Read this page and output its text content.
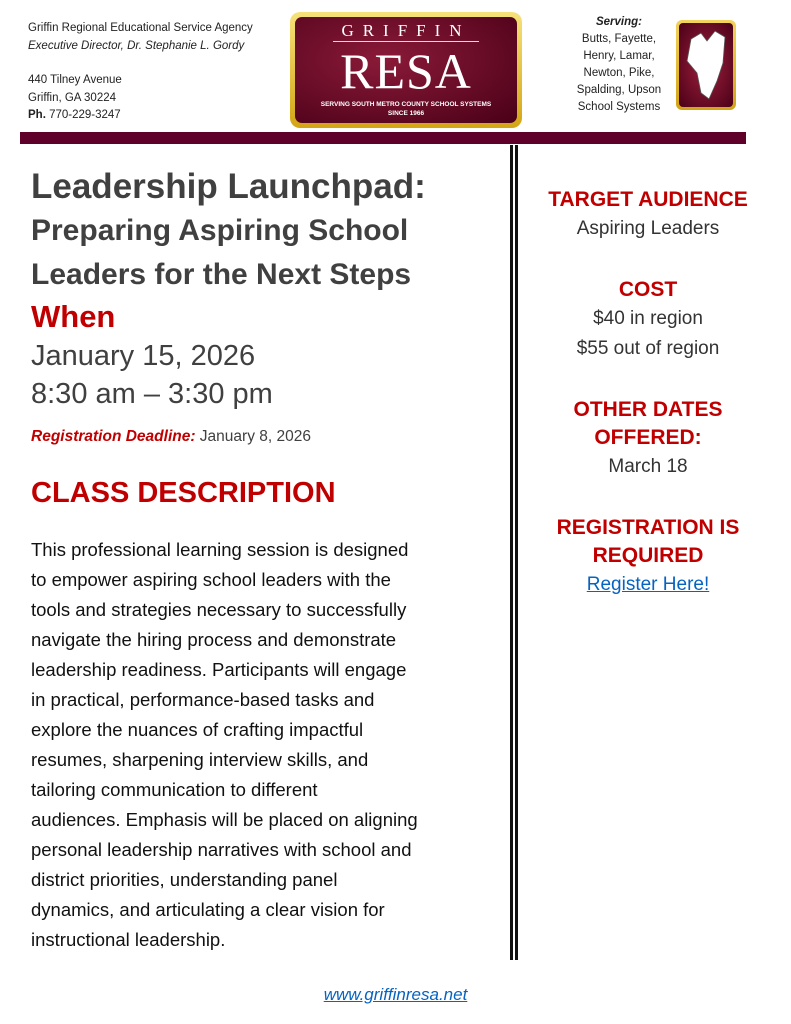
Griffin Regional Educational Service Agency
Executive Director, Dr. Stephanie L. Gordy
440 Tilney Avenue
Griffin, GA 30224
Ph. 770-229-3247
GRIFFIN
RESA
SERVING SOUTH METRO COUNTY SCHOOL SYSTEMS
SINCE 1966
Serving:
Butts, Fayette,
Henry, Lamar,
Newton, Pike,
Spalding, Upson
School Systems
Leadership Launchpad:
Preparing Aspiring School
Leaders for the Next Steps
When
January 15, 2026
8:30 am – 3:30 pm
Registration Deadline: January 8, 2026
CLASS DESCRIPTION
This professional learning session is designed
to empower aspiring school leaders with the
tools and strategies necessary to successfully
navigate the hiring process and demonstrate
leadership readiness. Participants will engage
in practical, performance-based tasks and
explore the nuances of crafting impactful
resumes, sharpening interview skills, and
tailoring communication to different
audiences. Emphasis will be placed on aligning
personal leadership narratives with school and
district priorities, understanding panel
dynamics, and articulating a clear vision for
instructional leadership.
TARGET AUDIENCE
Aspiring Leaders
COST
$40 in region
$55 out of region
OTHER DATES
OFFERED:
March 18
REGISTRATION IS
REQUIRED
Register Here!
www.griffinresa.net
